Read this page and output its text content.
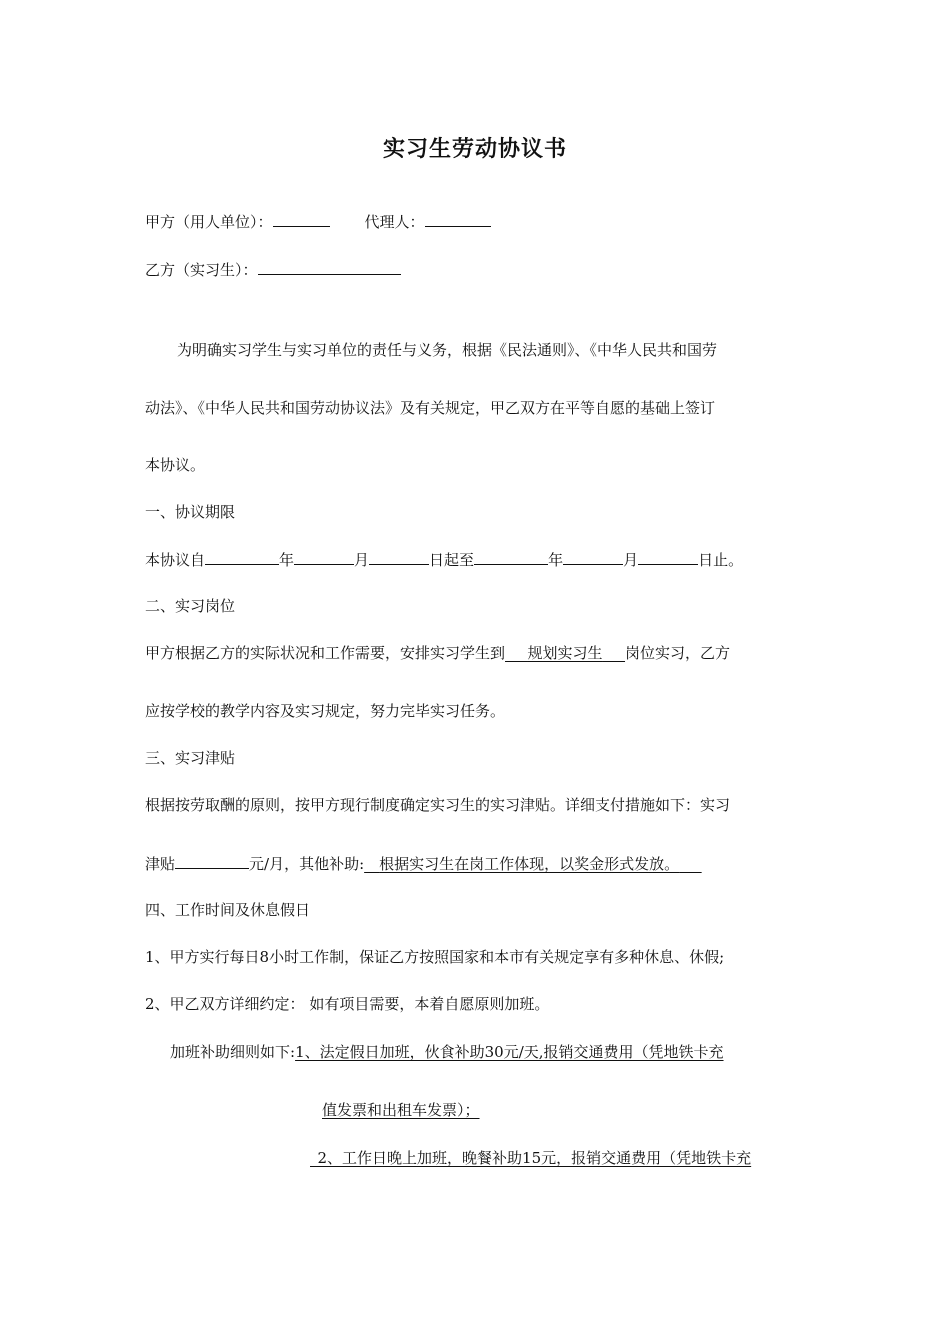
实习生劳动协议书
甲方（用人单位）：	代理人：
乙方（实习生）：
为明确实习学生与实习单位的责任与义务，根据《民法通则》、《中华人民共和国劳
动法》、《中华人民共和国劳动协议法》及有关规定，甲乙双方在平等自愿的基础上签订
本协议。
一、协议期限
本协议自	年	月	日起至	年	月	日止。
二、实习岗位
甲方根据乙方的实际状况和工作需要，安排实习学生到    规划实习生    岗位实习，乙方
应按学校的教学内容及实习规定，努力完毕实习任务。
三、实习津贴
根据按劳取酬的原则，按甲方现行制度确定实习生的实习津贴。详细支付措施如下：实习
津贴	元/月，其他补助:   根据实习生在岗工作体现，以奖金形式发放。   
四、工作时间及休息假日
1、甲方实行每日8小时工作制，保证乙方按照国家和本市有关规定享有多种休息、休假;
2、甲乙双方详细约定： 如有项目需要，本着自愿原则加班。
加班补助细则如下:1、法定假日加班，伙食补助30元/天,报销交通费用（凭地铁卡充
值发票和出租车发票）；
 2、工作日晚上加班，晚餐补助15元，报销交通费用（凭地铁卡充
